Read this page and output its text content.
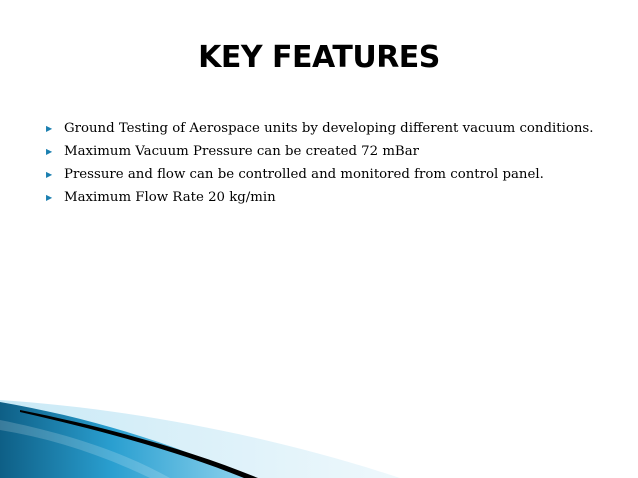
KEY FEATURES
▶ Ground Testing of Aerospace units by developing different vacuum conditions.
▶ Maximum Vacuum Pressure can be created 72 mBar
▶ Pressure and flow can be controlled and monitored from control panel.
▶ Maximum Flow Rate 20 kg/min
